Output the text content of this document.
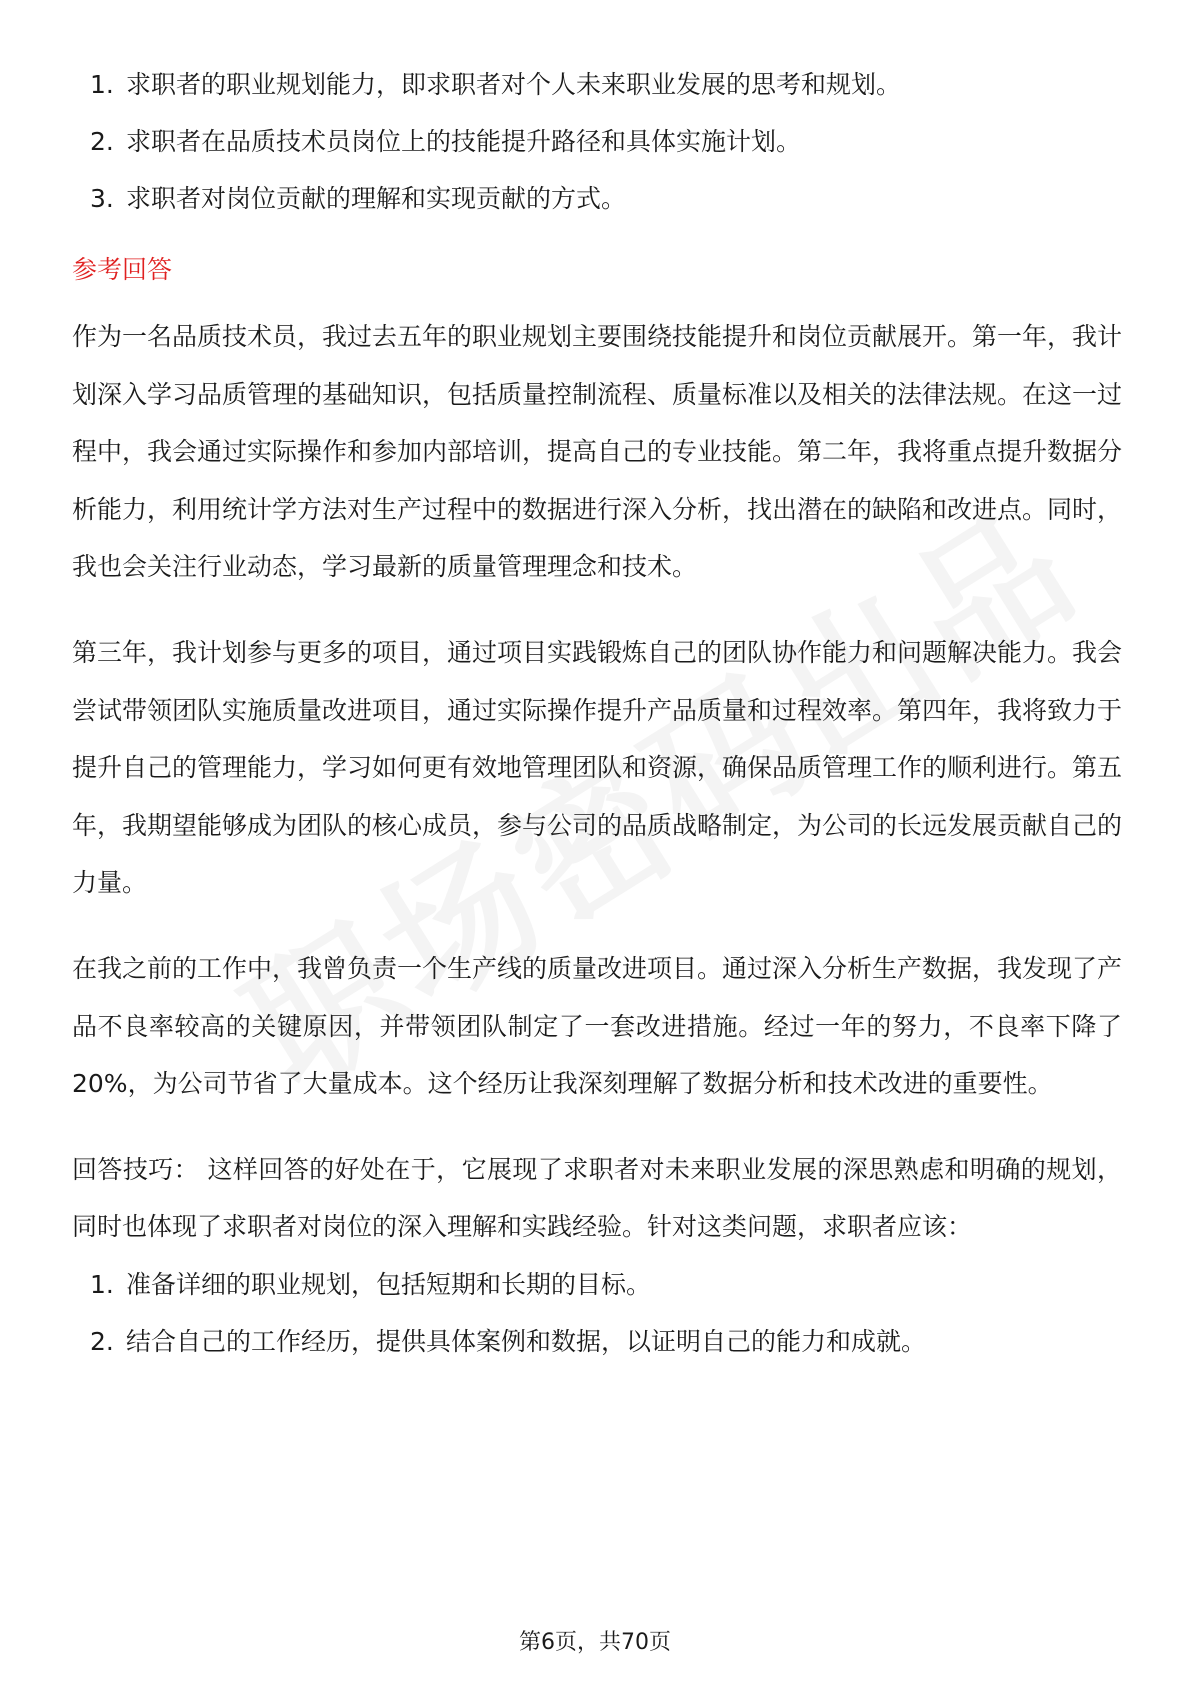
1. 求职者的职业规划能力，即求职者对个人未来职业发展的思考和规划。
2. 求职者在品质技术员岗位上的技能提升路径和具体实施计划。
3. 求职者对岗位贡献的理解和实现贡献的方式。
参考回答

作为一名品质技术员，我过去五年的职业规划主要围绕技能提升和岗位贡献展开。第一年，我计划深入学习品质管理的基础知识，包括质量控制流程、质量标准以及相关的法律法规。在这一过程中，我会通过实际操作和参加内部培训，提高自己的专业技能。第二年，我将重点提升数据分析能力，利用统计学方法对生产过程中的数据进行深入分析，找出潜在的缺陷和改进点。同时，我也会关注行业动态，学习最新的质量管理理念和技术。

第三年，我计划参与更多的项目，通过项目实践锻炼自己的团队协作能力和问题解决能力。我会尝试带领团队实施质量改进项目，通过实际操作提升产品质量和过程效率。第四年，我将致力于提升自己的管理能力，学习如何更有效地管理团队和资源，确保品质管理工作的顺利进行。第五年，我期望能够成为团队的核心成员，参与公司的品质战略制定，为公司的长远发展贡献自己的力量。

在我之前的工作中，我曾负责一个生产线的质量改进项目。通过深入分析生产数据，我发现了产品不良率较高的关键原因，并带领团队制定了一套改进措施。经过一年的努力，不良率下降了20%，为公司节省了大量成本。这个经历让我深刻理解了数据分析和技术改进的重要性。

回答技巧： 这样回答的好处在于，它展现了求职者对未来职业发展的深思熟虑和明确的规划，同时也体现了求职者对岗位的深入理解和实践经验。针对这类问题，求职者应该：

1. 准备详细的职业规划，包括短期和长期的目标。
2. 结合自己的工作经历，提供具体案例和数据，以证明自己的能力和成就。
第6页，共70页
